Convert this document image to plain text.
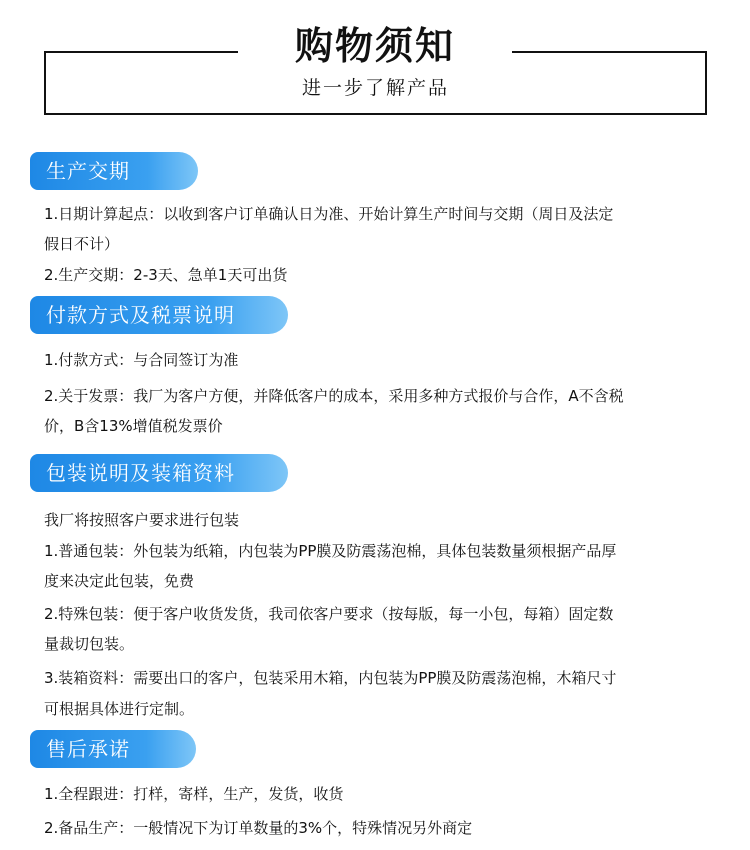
购物须知
进一步了解产品
生产交期
1.日期计算起点：以收到客户订单确认日为准、开始计算生产时间与交期（周日及法定
假日不计）
2.生产交期：2-3天、急单1天可出货
付款方式及税票说明
1.付款方式：与合同签订为准
2.关于发票：我厂为客户方便，并降低客户的成本，采用多种方式报价与合作，A不含税
价，B含13%增值税发票价
包装说明及装箱资料
我厂将按照客户要求进行包装
1.普通包装：外包装为纸箱，内包装为PP膜及防震荡泡棉，具体包装数量须根据产品厚
度来决定此包装，免费
2.特殊包装：便于客户收货发货，我司依客户要求（按每版，每一小包，每箱）固定数
量裁切包装。
3.装箱资料：需要出口的客户，包装采用木箱，内包装为PP膜及防震荡泡棉，木箱尺寸
可根据具体进行定制。
售后承诺
1.全程跟进：打样，寄样，生产，发货，收货
2.备品生产：一般情况下为订单数量的3%个，特殊情况另外商定
